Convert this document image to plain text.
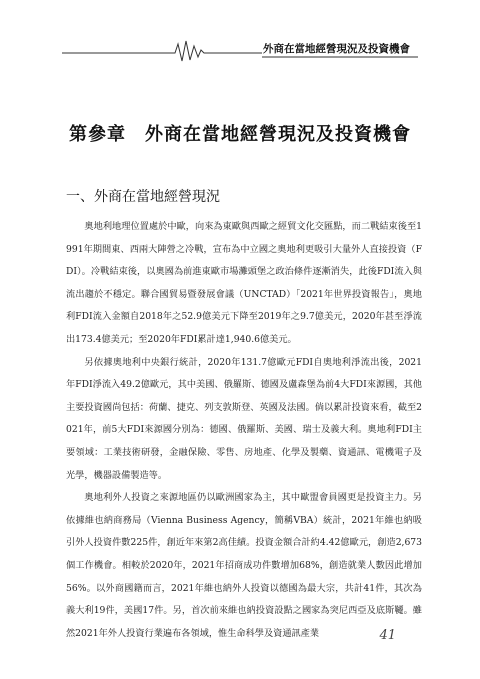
外商在當地經營現況及投資機會
第參章　外商在當地經營現況及投資機會
一、外商在當地經營現況

奧地利地理位置處於中歐，向來為東歐與西歐之經貿文化交匯點，而二戰結束後至1991年期間東、西兩大陣營之冷戰，宣布為中立國之奧地利更吸引大量外人直接投資（FDI）。冷戰結束後，以奧國為前進東歐市場灘頭堡之政治條件逐漸消失，此後FDI流入與流出趨於不穩定。聯合國貿易暨發展會議（UNCTAD）「2021年世界投資報告」，奧地利FDI流入金額自2018年之52.9億美元下降至2019年之9.7億美元，2020年甚至淨流出173.4億美元；至2020年FDI累計達1,940.6億美元。

另依據奧地利中央銀行統計，2020年131.7億歐元FDI自奧地利淨流出後，2021年FDI淨流入49.2億歐元，其中美國、俄羅斯、德國及盧森堡為前4大FDI來源國，其他主要投資國尚包括：荷蘭、捷克、列支敦斯登、英國及法國。倘以累計投資來看，截至2021年，前5大FDI來源國分別為：德國、俄羅斯、美國、瑞士及義大利。奧地利FDI主要領域：工業技術研發，金融保險、零售、房地產、化學及製藥、資通訊、電機電子及光學，機器設備製造等。

奧地利外人投資之來源地區仍以歐洲國家為主，其中歐盟會員國更是投資主力。另依據維也納商務局（Vienna Business Agency，簡稱VBA）統計，2021年維也納吸引外人投資件數225件，創近年來第2高佳績。投資金額合計約4.42億歐元，創造2,673個工作機會。相較於2020年，2021年招商成功件數增加68%，創造就業人數因此增加56%。以外商國籍而言，2021年維也納外人投資以德國為最大宗，共計41件，其次為義大利19件，美國17件。另，首次前來維也納投資設點之國家為突尼西亞及底斯韆。雖然2021年外人投資行業遍布各領域，惟生命科學及資通訊產業	41
